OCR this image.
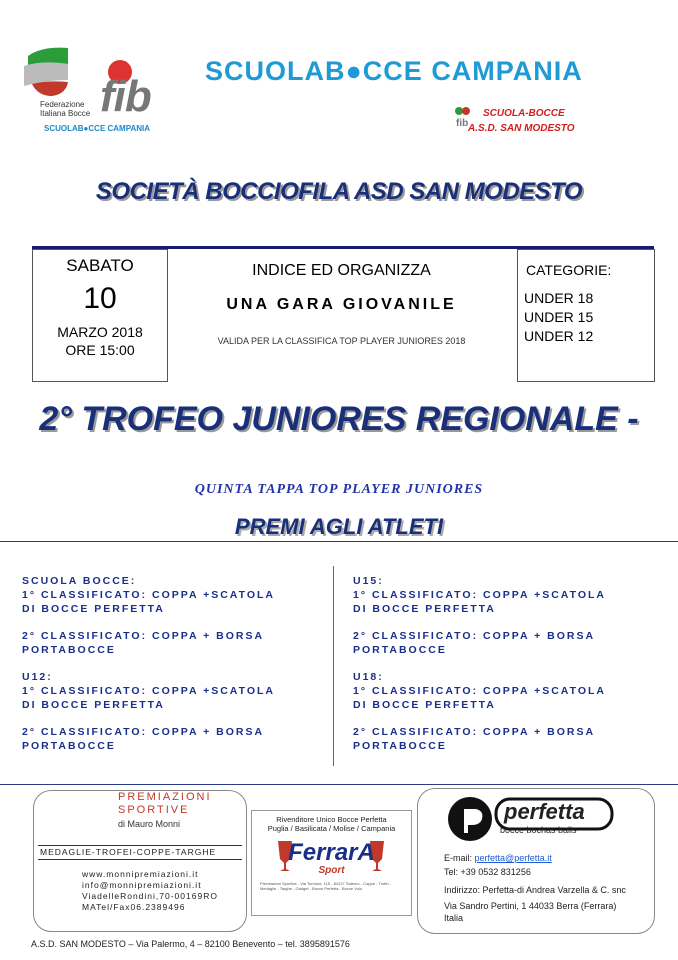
fib
Federazione Italiana Bocce
SCUOLAB●CCE CAMPANIA
SCUOLAB●CCE CAMPANIA
fib
SCUOLA-BOCCE
A.S.D. SAN MODESTO
SOCIETÀ BOCCIOFILA ASD SAN MODESTO
SABATO
10
MARZO 2018
ORE 15:00
INDICE ED ORGANIZZA
UNA GARA GIOVANILE
VALIDA PER LA CLASSIFICA TOP PLAYER JUNIORES 2018
CATEGORIE:
UNDER 18
UNDER 15
UNDER 12
2° TROFEO JUNIORES REGIONALE -
QUINTA TAPPA TOP PLAYER JUNIORES
PREMI AGLI ATLETI
SCUOLA BOCCE:
1° CLASSIFICATO: COPPA +SCATOLA
DI BOCCE PERFETTA
2° CLASSIFICATO: COPPA + BORSA
PORTABOCCE
U12:
1° CLASSIFICATO: COPPA +SCATOLA
DI BOCCE PERFETTA
2° CLASSIFICATO: COPPA + BORSA
PORTABOCCE
U15:
1° CLASSIFICATO: COPPA +SCATOLA
DI BOCCE PERFETTA
2° CLASSIFICATO: COPPA + BORSA
PORTABOCCE
U18:
1° CLASSIFICATO: COPPA +SCATOLA
DI BOCCE PERFETTA
2° CLASSIFICATO: COPPA + BORSA
PORTABOCCE
PREMIAZIONI
SPORTIVE
di Mauro Monni
MEDAGLIE-TROFEI-COPPE-TARGHE
www.monnipremiazioni.it
info@monnipremiazioni.it
ViadelleRondini,70-00169RO
MATel/Fax06.2389496
Rivenditore Unico Bocce Perfetta
Puglia / Basilicata / Molise / Campania
FerrarA
Sport
Premiazioni Sportive - Via Torrione, 115 - 84127 Salerno - Coppe - Trofei - Medaglie - Targhe - Gadget - Bocce Perfetta - Bocce Volo
perfetta
bocce bochas balls
E-mail: perfetta@perfetta.it
Tel: +39 0532 831256
Indirizzo: Perfetta-di Andrea Varzella & C. snc
Via Sandro Pertini, 1 44033 Berra (Ferrara)
Italia
A.S.D. SAN MODESTO – Via Palermo, 4 – 82100 Benevento – tel. 3895891576
